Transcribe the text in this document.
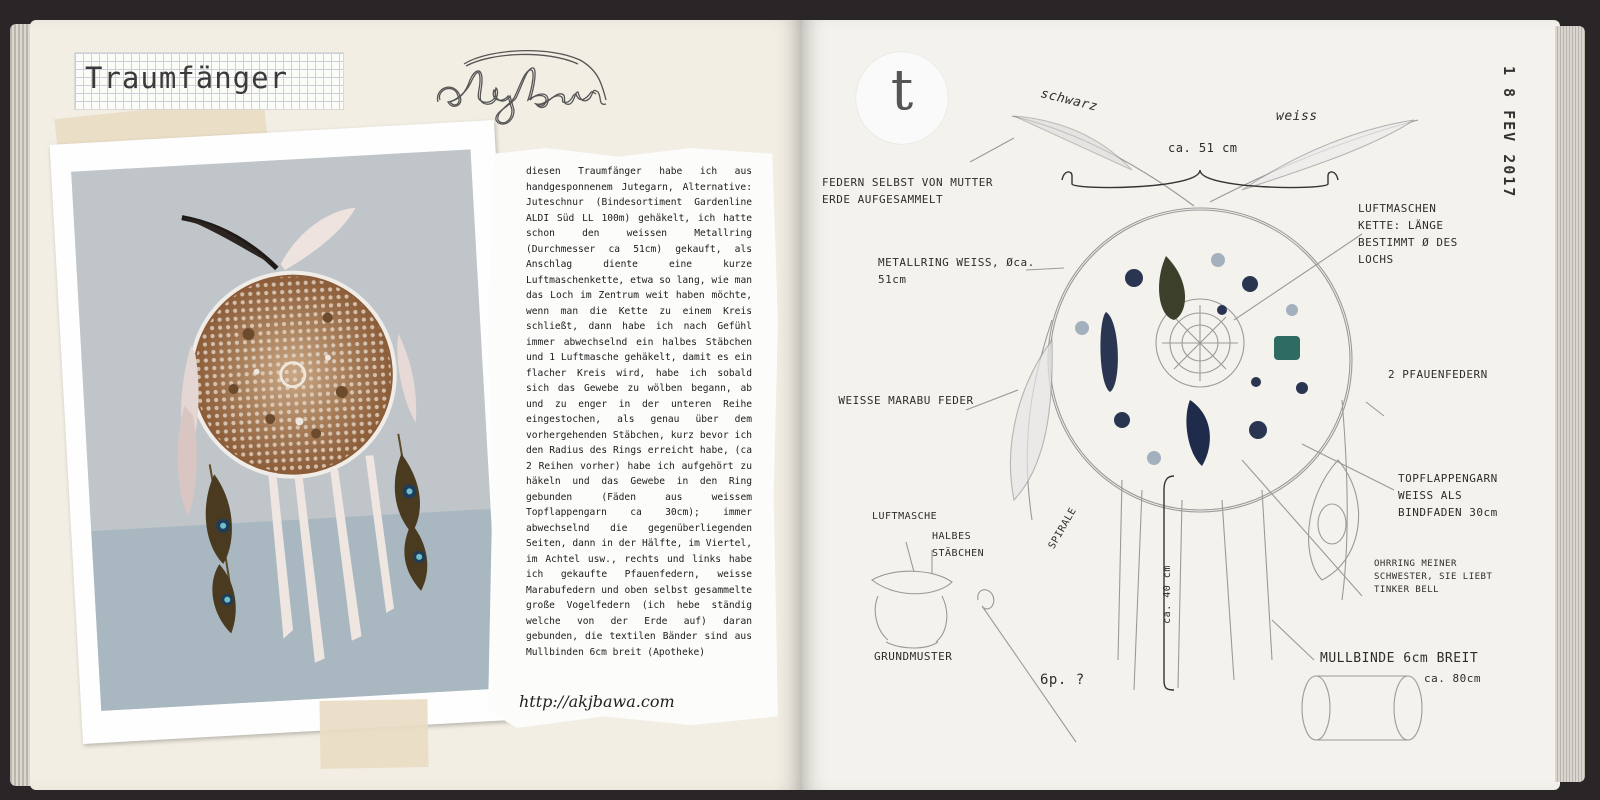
Traumfänger
diesen Traumfänger habe ich aus handgesponnenem Jutegarn, Alternative: Juteschnur (Bindesortiment Gardenline ALDI Süd LL 100m) gehäkelt, ich hatte schon den weissen Metallring (Durchmesser ca 51cm) gekauft, als Anschlag diente eine kurze Luftmaschenkette, etwa so lang, wie man das Loch im Zentrum weit haben möchte, wenn man die Kette zu einem Kreis schließt, dann habe ich nach Gefühl immer abwechselnd ein halbes Stäbchen und 1 Luftmasche gehäkelt, damit es ein flacher Kreis wird, habe ich sobald sich das Gewebe zu wölben begann, ab und zu enger in der unteren Reihe eingestochen, als genau über dem vorhergehenden Stäbchen, kurz bevor ich den Radius des Rings erreicht habe, (ca 2 Reihen vorher) habe ich aufgehört zu häkeln und das Gewebe in den Ring gebunden (Fäden aus weissem Topflappengarn ca 30cm); immer abwechselnd die gegenüberliegenden Seiten, dann in der Hälfte, im Viertel, im Achtel usw., rechts und links habe ich gekaufte Pfauenfedern, weisse Marabufedern und oben selbst gesammelte große Vogelfedern (ich hebe ständig welche von der Erde auf) daran gebunden, die textilen Bänder sind aus Mullbinden 6cm breit (Apotheke)
http://akjbawa.com
t	1 8 FEV 2017
schwarz
weiss
ca. 51 cm
FEDERN SELBST VON MUTTER ERDE AUFGESAMMELT
LUFTMASCHEN KETTE: LÄNGE BESTIMMT Ø DES LOCHS
METALLRING WEISS, Øca. 51cm
2 PFAUENFEDERN
WEISSE MARABU FEDER
TOPFLAPPENGARN WEISS ALS BINDFADEN 30cm
LUFTMASCHE
HALBES STÄBCHEN
SPIRALE
ca. 40 cm
OHRRING MEINER SCHWESTER, SIE LIEBT TINKER BELL
GRUNDMUSTER	MULLBINDE 6cm BREIT
ca. 80cm
6p. ?
